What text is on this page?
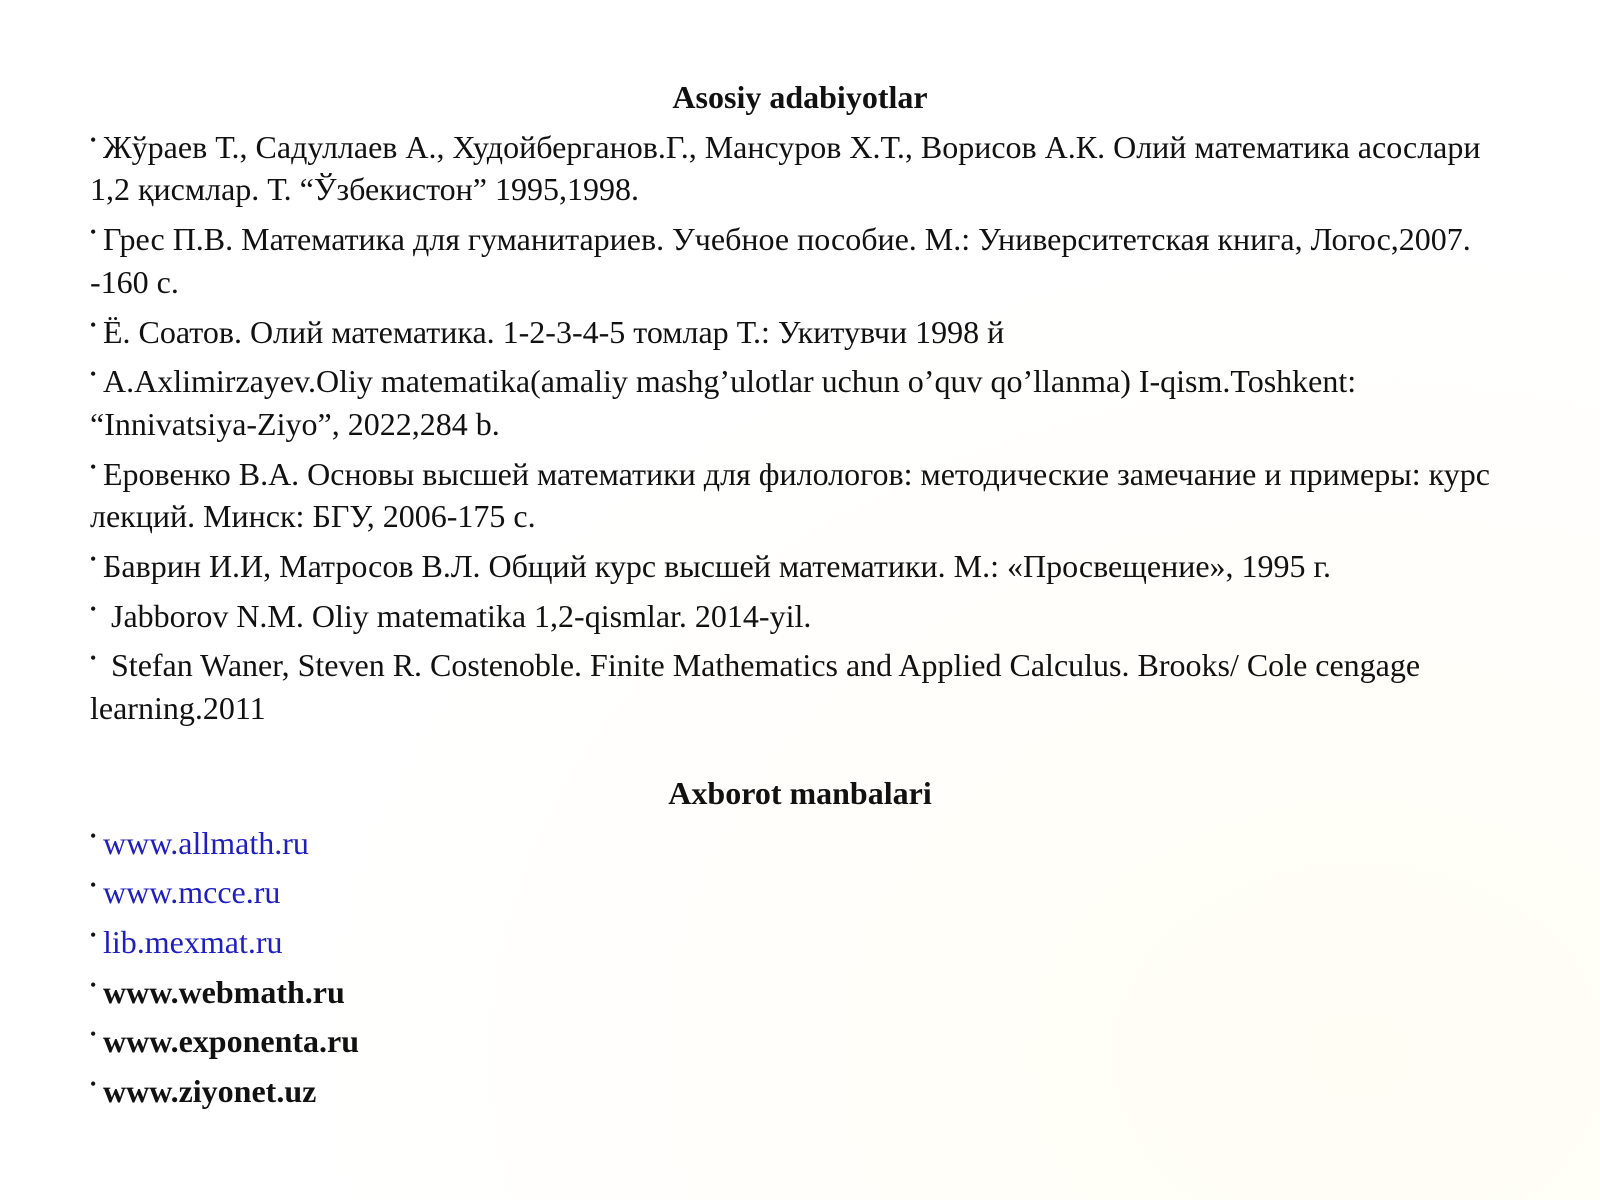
Asosiy adabiyotlar

• Жўраев Т., Садуллаев А., Худойберганов.Г., Мансуров Х.Т., Ворисов А.К. Олий математика асослари 1,2 қисмлар. Т. “Ўзбекистон” 1995,1998.
• Грес П.В. Математика для гуманитариев. Учебное пособие. М.: Университетская книга, Логос,2007. -160 с.
• Ё. Соатов. Олий математика. 1-2-3-4-5 томлар Т.: Укитувчи 1998 й
• A.Axlimirzayev.Oliy matematika(amaliy mashg’ulotlar uchun o’quv qo’llanma) I-qism.Toshkent: “Innivatsiya-Ziyo”, 2022,284 b.
• Еровенко В.А. Основы высшей математики для филологов: методические замечание и примеры: курс лекций. Минск: БГУ, 2006-175 с.
• Баврин И.И, Матросов В.Л. Общий курс высшей математики. М.: «Просвещение», 1995 г.
• Jabborov N.M. Oliy matematika 1,2-qismlar. 2014-yil.
• Stefan Waner, Steven R. Costenoble. Finite Mathematics and Applied Calculus. Brooks/ Cole cengage learning.2011

Axborot manbalari

• www.allmath.ru
• www.mcce.ru
• lib.mexmat.ru
• www.webmath.ru
• www.exponenta.ru
• www.ziyonet.uz
